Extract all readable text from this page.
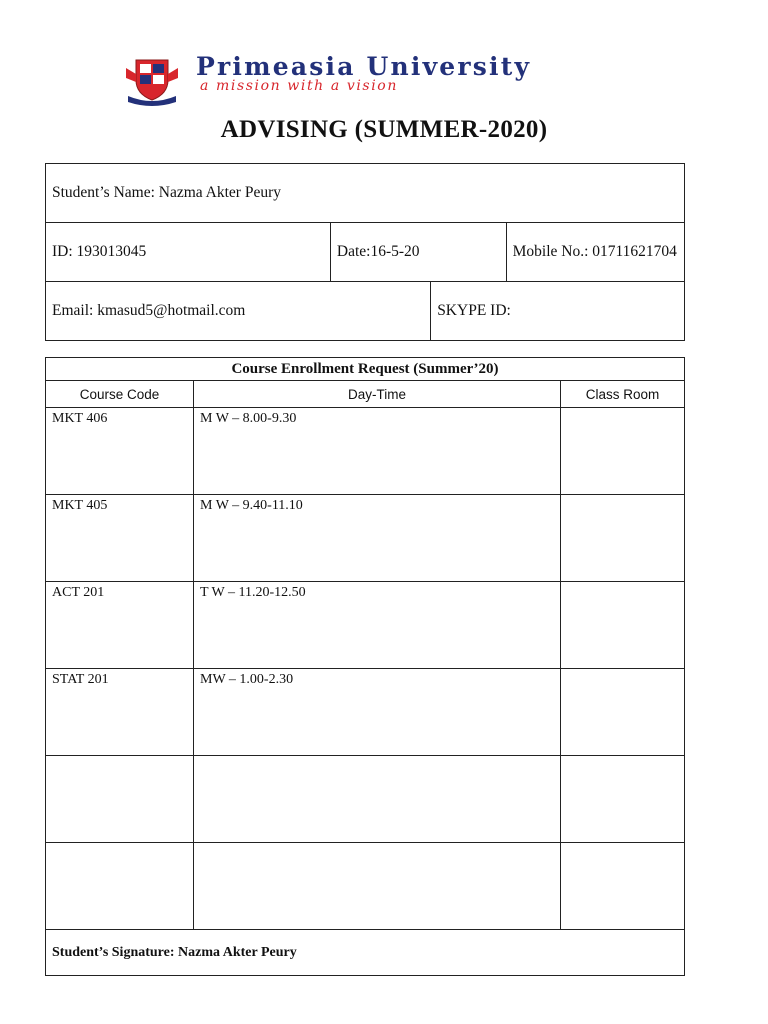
Primeasia University
a mission with a vision
ADVISING (SUMMER-2020)
Student’s Name: Nazma Akter Peury			
ID: 193013045	Date:16-5-20		Mobile No.: 01711621704
Email: kmasud5@hotmail.com		SKYPE ID:	
Course Enrollment Request (Summer’20)		
Course Code	Day-Time	Class Room
MKT 406	M W – 8.00-9.30	
MKT 405	M W – 9.40-11.10	
ACT 201	T W – 11.20-12.50	
STAT 201	MW – 1.00-2.30	

Student’s Signature: Nazma Akter Peury		
